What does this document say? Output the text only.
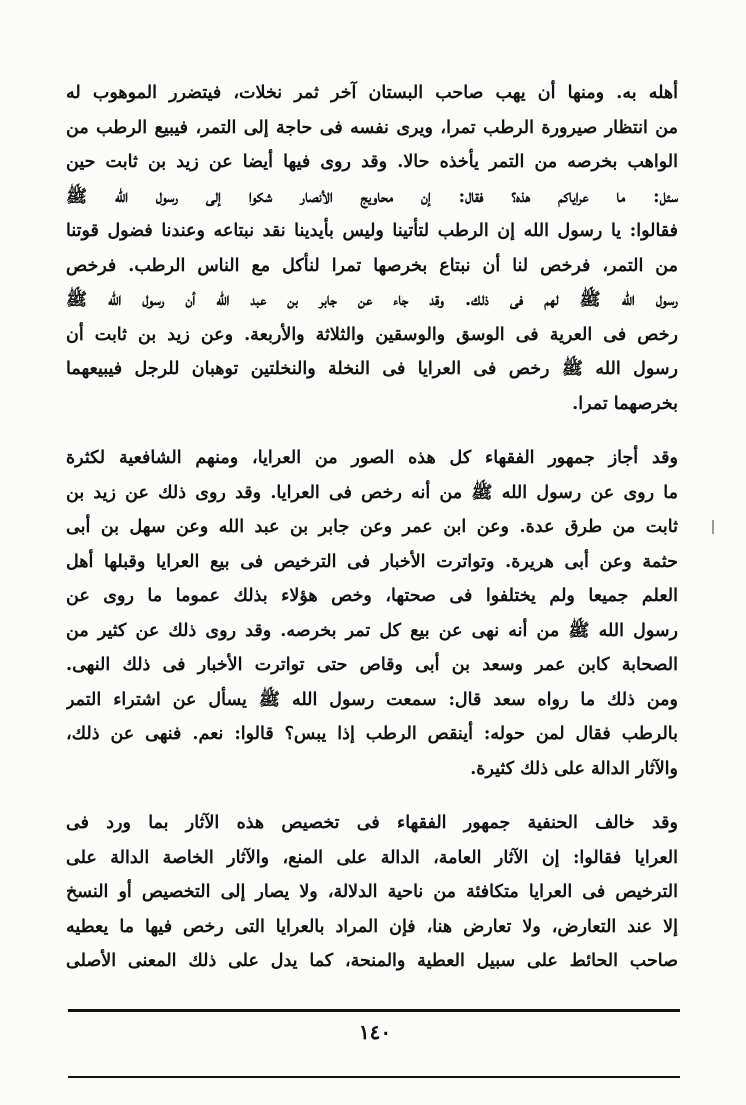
أهله به. ومنها أن يهب صاحب البستان آخر ثمر نخلات، فيتضرر الموهوب له

من انتظار صيرورة الرطب تمرا، ويرى نفسه فى حاجة إلى التمر، فيبيع الرطب من

الواهب بخرصه من التمر يأخذه حالا. وقد روى فيها أيضا عن زيد بن ثابت حين

سئل: ما عراياكم هذه؟ فقال: إن محاويج الأنصار شكوا إلى رسول الله ﷺ

فقالوا: يا رسول الله إن الرطب لتأتينا وليس بأيدينا نقد نبتاعه وعندنا فضول قوتنا

من التمر، فرخص لنا أن نبتاع بخرصها تمرا لنأكل مع الناس الرطب. فرخص

رسول الله ﷺ لهم فى ذلك. وقد جاء عن جابر بن عبد الله أن رسول الله ﷺ

رخص فى العرية فى الوسق والوسقين والثلاثة والأربعة. وعن زيد بن ثابت أن

رسول الله ﷺ رخص فى العرايا فى النخلة والنخلتين توهبان للرجل فيبيعهما

بخرصهما تمرا.

وقد أجاز جمهور الفقهاء كل هذه الصور من العرايا، ومنهم الشافعية لكثرة

ما روى عن رسول الله ﷺ من أنه رخص فى العرايا. وقد روى ذلك عن زيد بن

ثابت من طرق عدة. وعن ابن عمر وعن جابر بن عبد الله وعن سهل بن أبى

حثمة وعن أبى هريرة. وتواترت الأخبار فى الترخيص فى بيع العرايا وقبلها أهل

العلم جميعا ولم يختلفوا فى صحتها، وخص هؤلاء بذلك عموما ما روى عن

رسول الله ﷺ من أنه نهى عن بيع كل تمر بخرصه. وقد روى ذلك عن كثير من

الصحابة كابن عمر وسعد بن أبى وقاص حتى تواترت الأخبار فى ذلك النهى.

ومن ذلك ما رواه سعد قال: سمعت رسول الله ﷺ يسأل عن اشتراء التمر

بالرطب فقال لمن حوله: أينقص الرطب إذا يبس؟ قالوا: نعم. فنهى عن ذلك،

والآثار الدالة على ذلك كثيرة.

وقد خالف الحنفية جمهور الفقهاء فى تخصيص هذه الآثار بما ورد فى

العرايا فقالوا: إن الآثار العامة، الدالة على المنع، والآثار الخاصة الدالة على

الترخيص فى العرايا متكافئة من ناحية الدلالة، ولا يصار إلى التخصيص أو النسخ

إلا عند التعارض، ولا تعارض هنا، فإن المراد بالعرايا التى رخص فيها ما يعطيه

صاحب الحائط على سبيل العطية والمنحة، كما يدل على ذلك المعنى الأصلى

١٤٠
